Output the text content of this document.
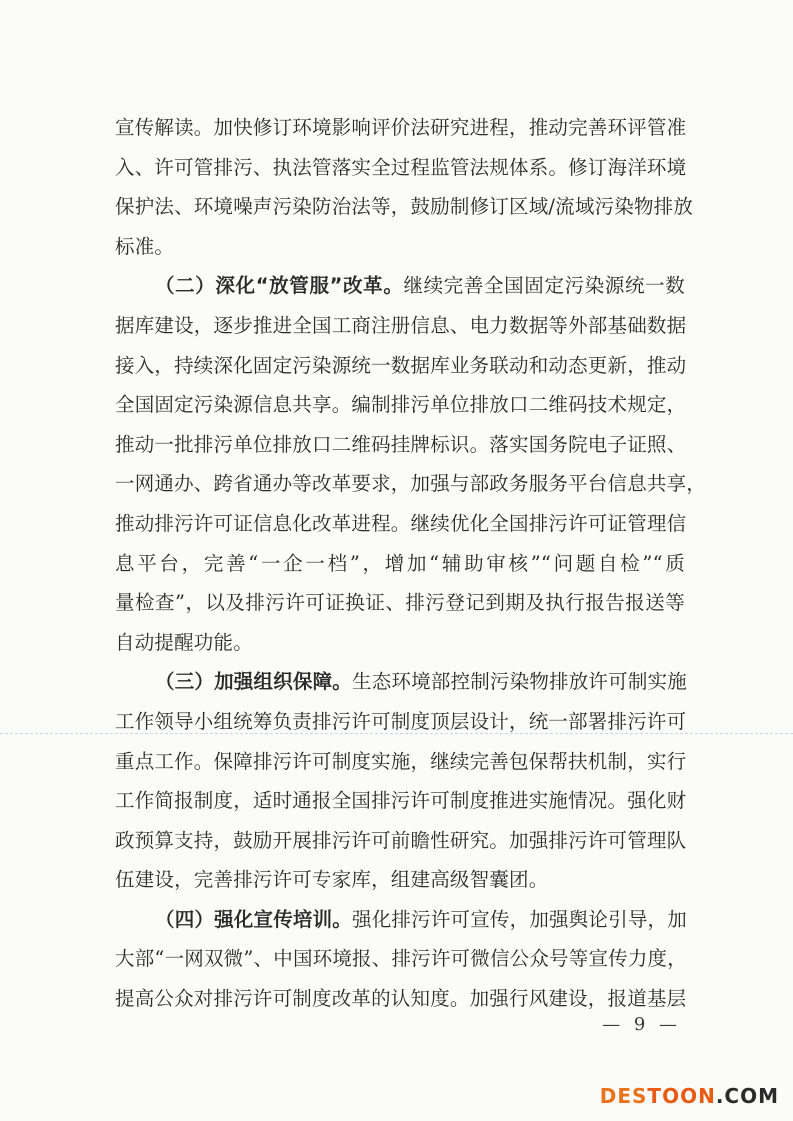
宣传解读。加快修订环境影响评价法研究进程，推动完善环评管准
入、许可管排污、执法管落实全过程监管法规体系。修订海洋环境
保护法、环境噪声污染防治法等，鼓励制修订区域/流域污染物排放
标准。
（二）深化“放管服”改革。继续完善全国固定污染源统一数
据库建设，逐步推进全国工商注册信息、电力数据等外部基础数据
接入，持续深化固定污染源统一数据库业务联动和动态更新，推动
全国固定污染源信息共享。编制排污单位排放口二维码技术规定，
推动一批排污单位排放口二维码挂牌标识。落实国务院电子证照、
一网通办、跨省通办等改革要求，加强与部政务服务平台信息共享，
推动排污许可证信息化改革进程。继续优化全国排污许可证管理信
息平台，完善“一企一档”，增加“辅助审核”“问题自检”“质
量检查”，以及排污许可证换证、排污登记到期及执行报告报送等
自动提醒功能。
（三）加强组织保障。生态环境部控制污染物排放许可制实施
工作领导小组统筹负责排污许可制度顶层设计，统一部署排污许可
重点工作。保障排污许可制度实施，继续完善包保帮扶机制，实行
工作简报制度，适时通报全国排污许可制度推进实施情况。强化财
政预算支持，鼓励开展排污许可前瞻性研究。加强排污许可管理队
伍建设，完善排污许可专家库，组建高级智囊团。
（四）强化宣传培训。强化排污许可宣传，加强舆论引导，加
大部“一网双微”、中国环境报、排污许可微信公众号等宣传力度，
提高公众对排污许可制度改革的认知度。加强行风建设，报道基层
— 9 —
DESTOON.COM
